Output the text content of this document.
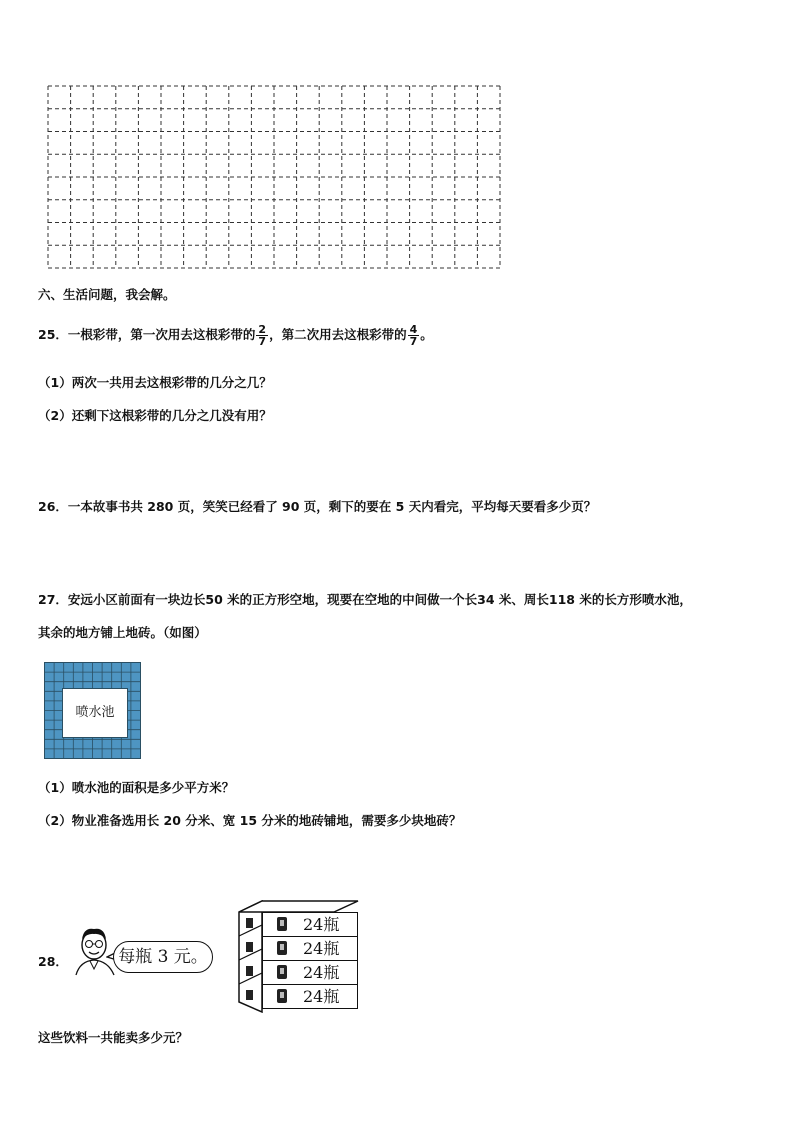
六、生活问题，我会解。
25．一根彩带，第一次用去这根彩带的 $\frac{2}{7}$ ，第二次用去这根彩带的 $\frac{4}{7}$ 。
（1）两次一共用去这根彩带的几分之几？
（2）还剩下这根彩带的几分之几没有用？
26．一本故事书共 280 页，笑笑已经看了 90 页，剩下的要在 5 天内看完，平均每天要看多少页？
27．安远小区前面有一块边长50 米的正方形空地，现要在空地的中间做一个长34 米、周长118 米的长方形喷水池，
其余的地方铺上地砖。（如图）
喷水池
（1）喷水池的面积是多少平方米？
（2）物业准备选用长 20 分米、宽 15 分米的地砖铺地，需要多少块地砖？
28．	每瓶 3 元。
24瓶
24瓶
24瓶
24瓶
这些饮料一共能卖多少元？
